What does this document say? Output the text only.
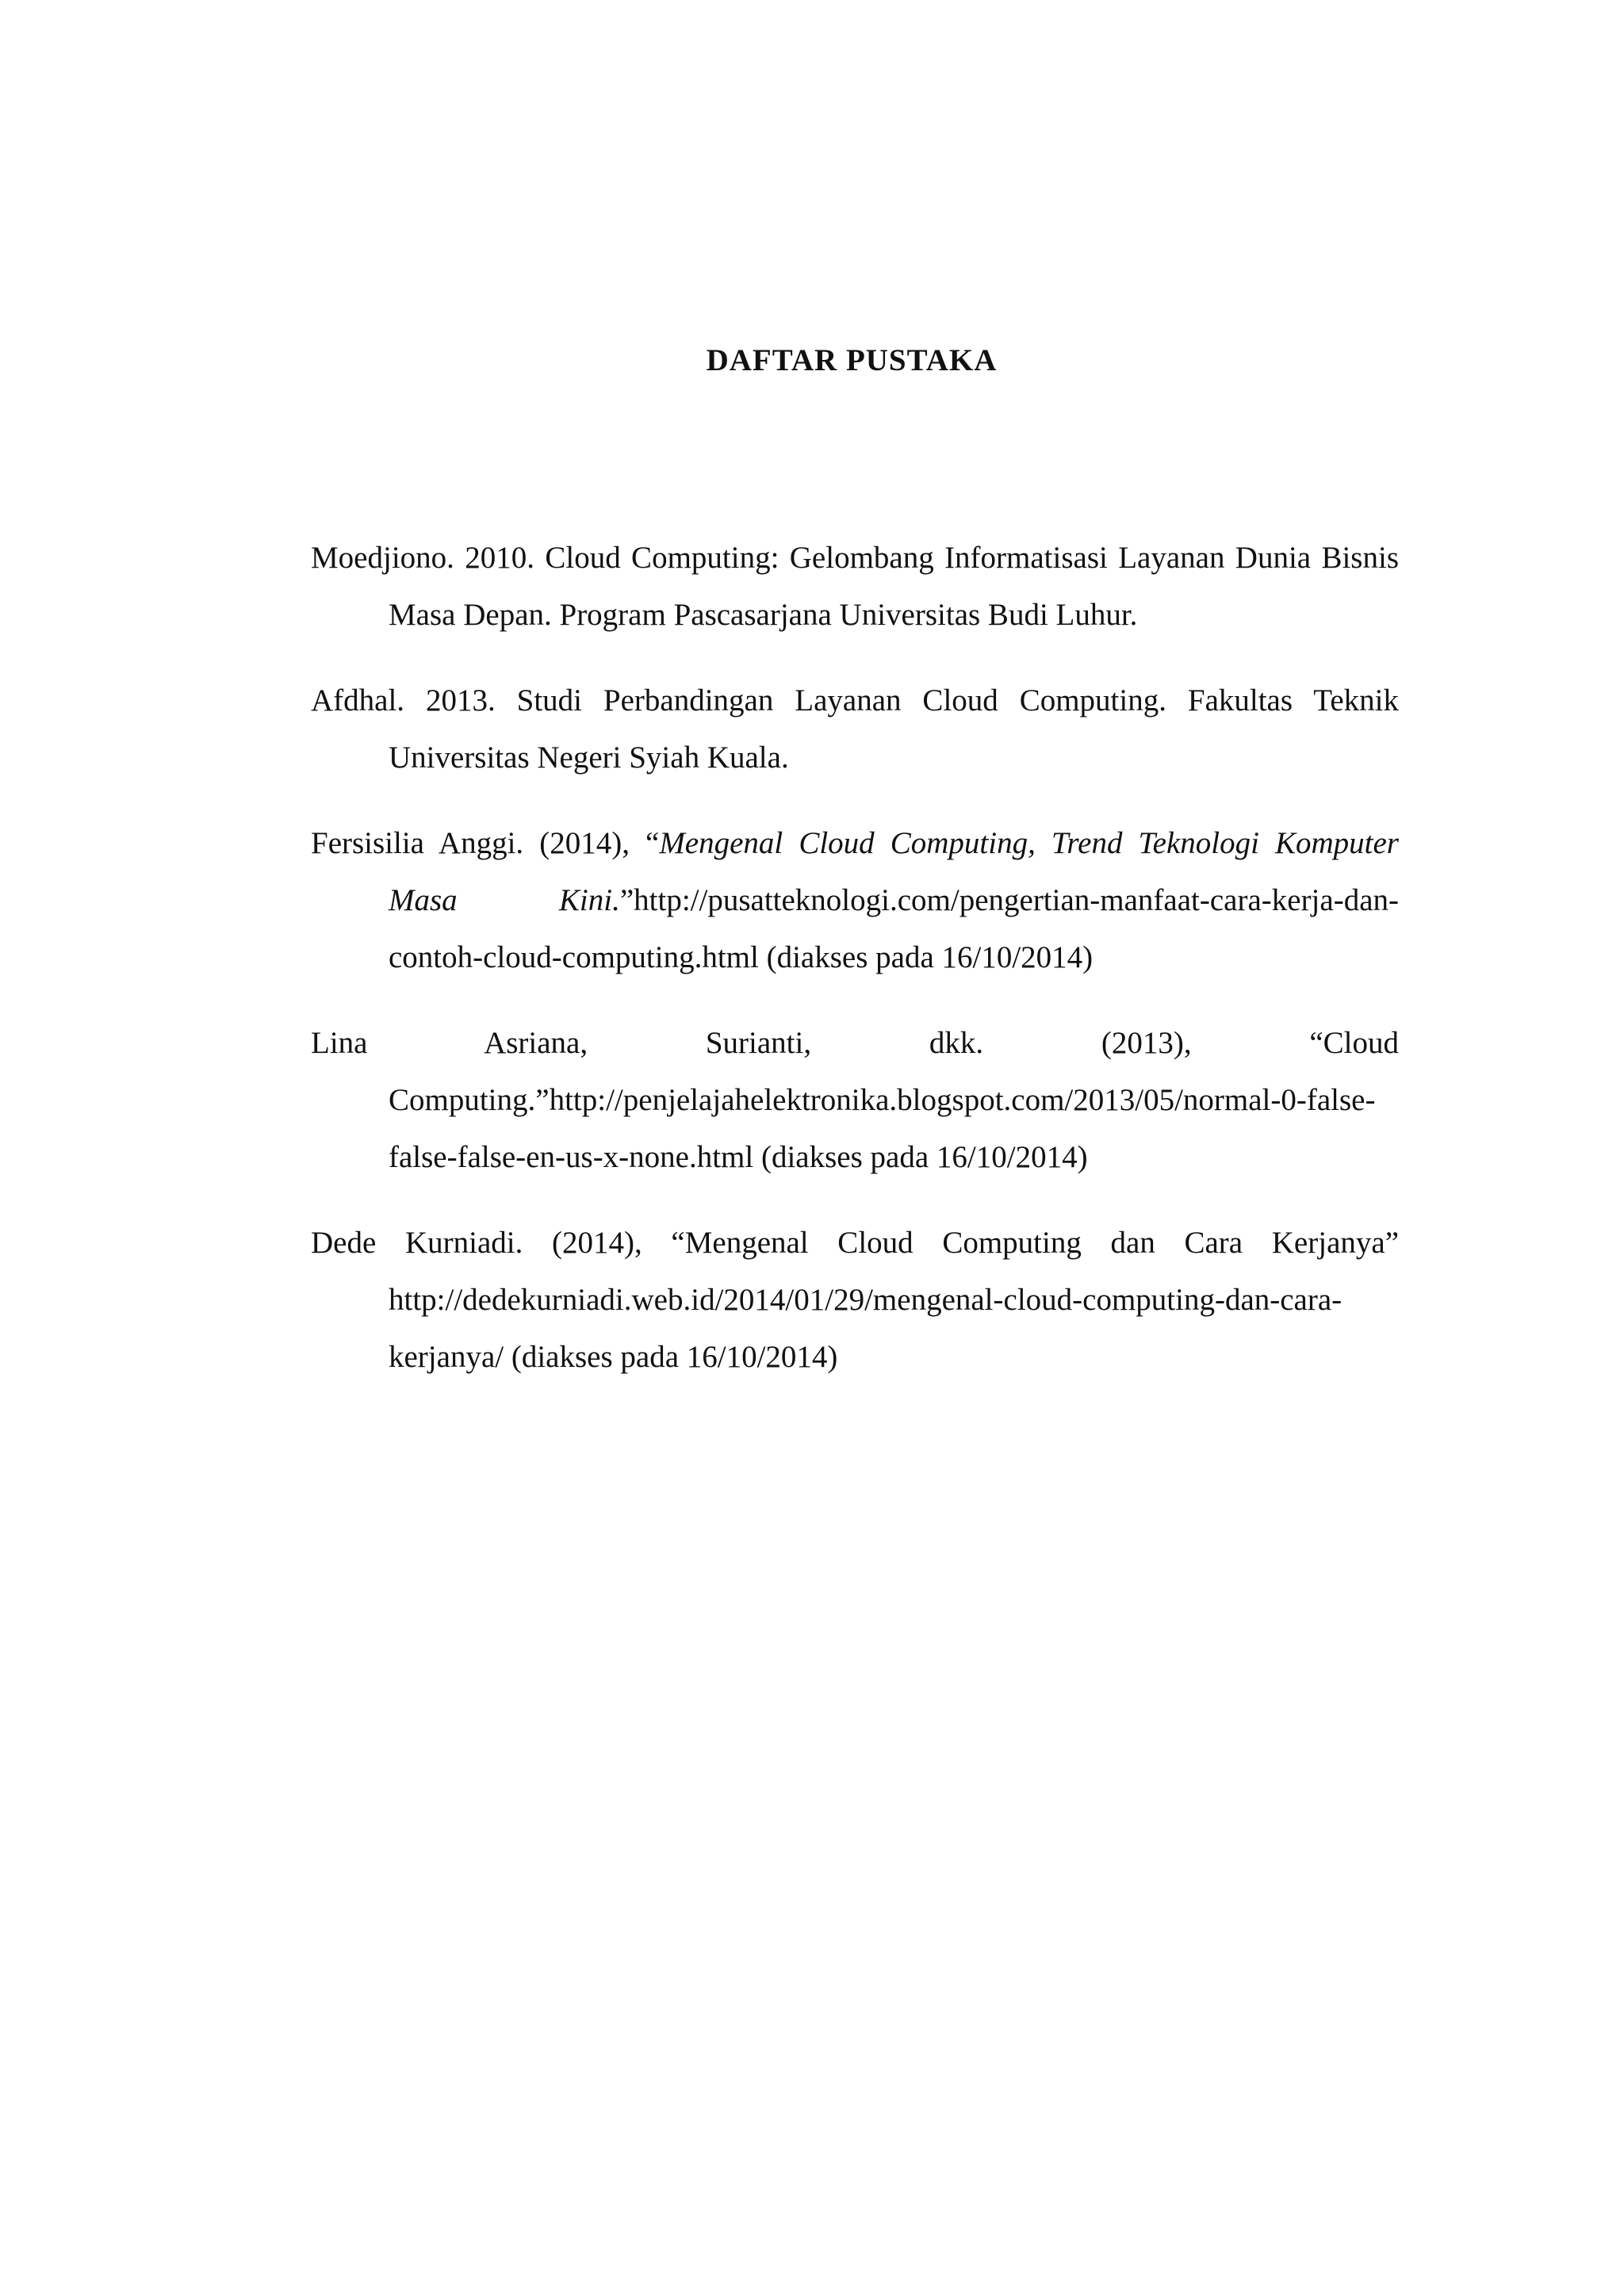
DAFTAR PUSTAKA
Moedjiono. 2010. Cloud Computing: Gelombang Informatisasi Layanan Dunia Bisnis Masa Depan. Program Pascasarjana Universitas Budi Luhur.
Afdhal. 2013. Studi Perbandingan Layanan Cloud Computing. Fakultas Teknik Universitas Negeri Syiah Kuala.
Fersisilia Anggi. (2014), “Mengenal Cloud Computing, Trend Teknologi Komputer Masa Kini.”http://pusatteknologi.com/pengertian-manfaat-cara-kerja-dan-contoh-cloud-computing.html (diakses pada 16/10/2014)
Lina Asriana, Surianti, dkk. (2013), “Cloud
Computing.”http://penjelajahelektronika.blogspot.com/2013/05/normal-0-false-false-false-en-us-x-none.html (diakses pada 16/10/2014)
Dede Kurniadi. (2014), “Mengenal Cloud Computing dan Cara Kerjanya”
http://dedekurniadi.web.id/2014/01/29/mengenal-cloud-computing-dan-cara-kerjanya/ (diakses pada 16/10/2014)
